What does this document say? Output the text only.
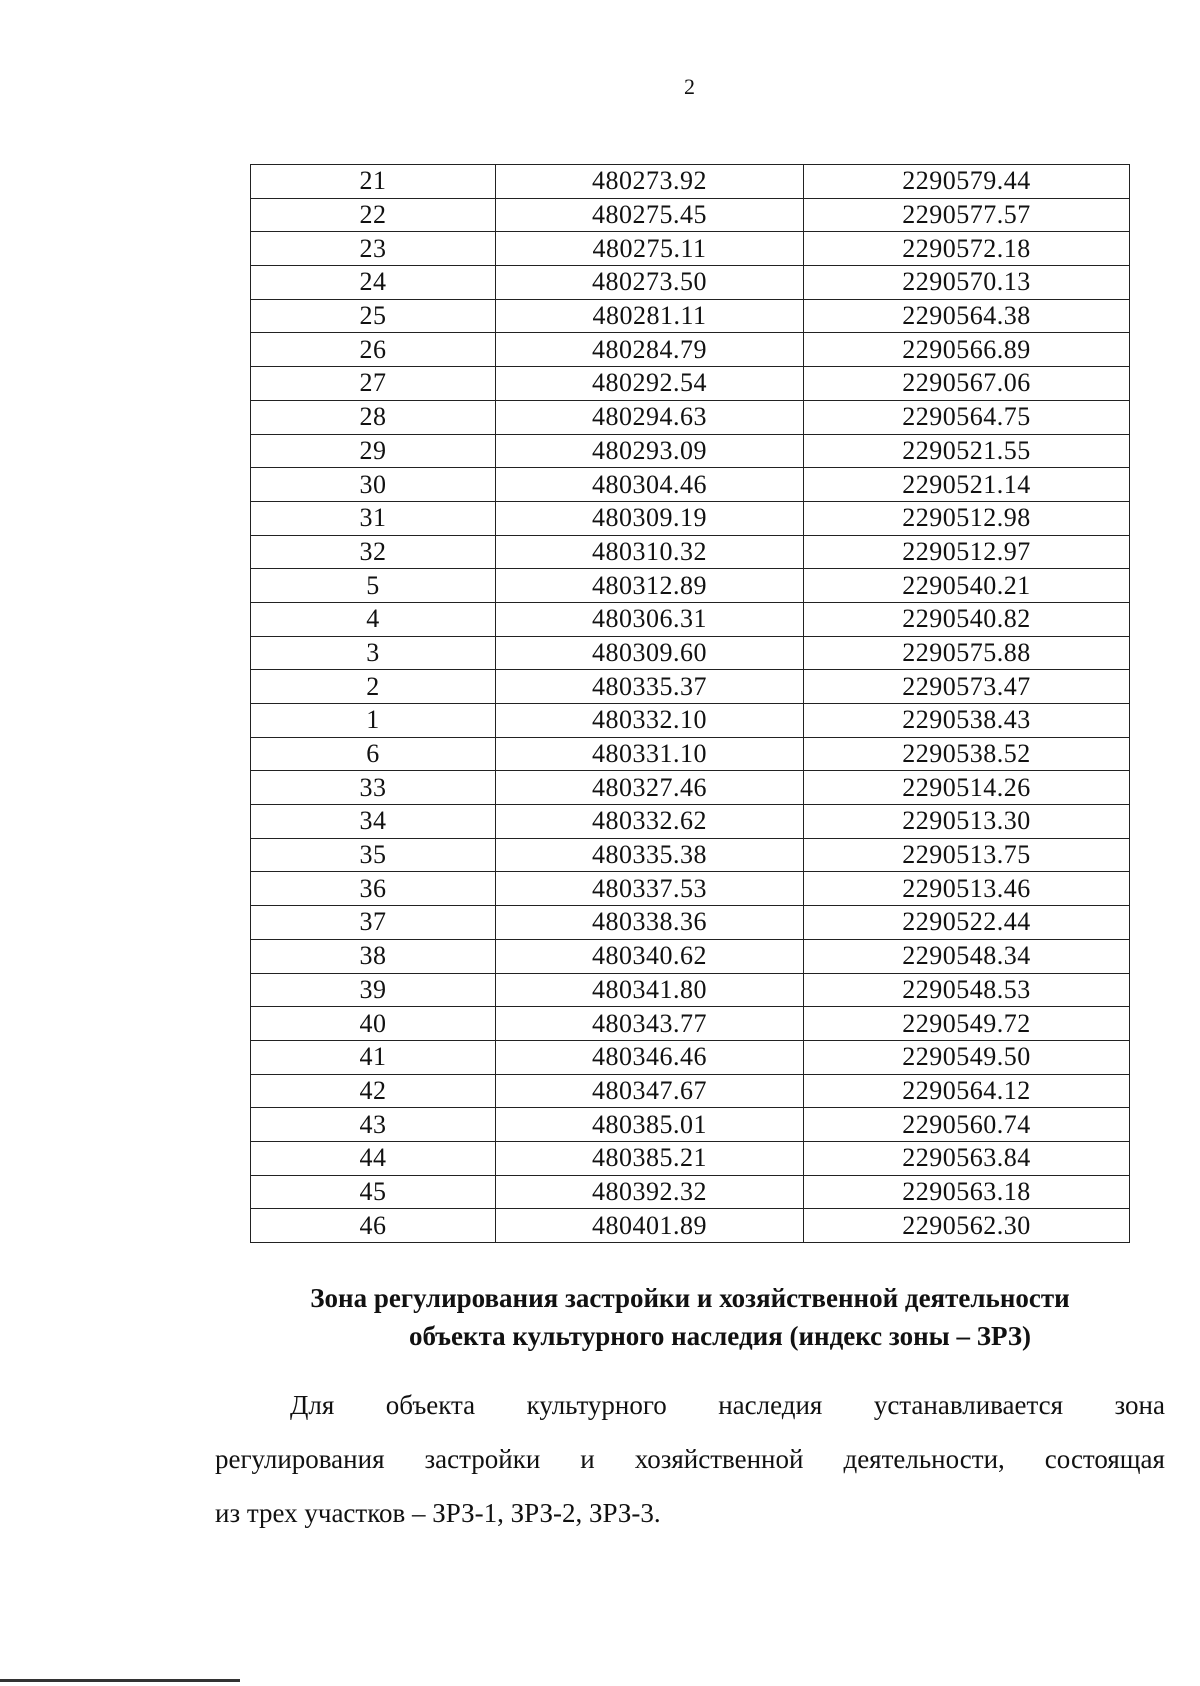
2
21	480273.92	2290579.44
22	480275.45	2290577.57
23	480275.11	2290572.18
24	480273.50	2290570.13
25	480281.11	2290564.38
26	480284.79	2290566.89
27	480292.54	2290567.06
28	480294.63	2290564.75
29	480293.09	2290521.55
30	480304.46	2290521.14
31	480309.19	2290512.98
32	480310.32	2290512.97
5	480312.89	2290540.21
4	480306.31	2290540.82
3	480309.60	2290575.88
2	480335.37	2290573.47
1	480332.10	2290538.43
6	480331.10	2290538.52
33	480327.46	2290514.26
34	480332.62	2290513.30
35	480335.38	2290513.75
36	480337.53	2290513.46
37	480338.36	2290522.44
38	480340.62	2290548.34
39	480341.80	2290548.53
40	480343.77	2290549.72
41	480346.46	2290549.50
42	480347.67	2290564.12
43	480385.01	2290560.74
44	480385.21	2290563.84
45	480392.32	2290563.18
46	480401.89	2290562.30
Зона регулирования застройки и хозяйственной деятельности
объекта культурного наследия (индекс зоны – ЗРЗ)
Для объекта культурного наследия устанавливается зона
регулирования застройки и хозяйственной деятельности, состоящая
из трех участков – ЗРЗ-1, ЗРЗ-2, ЗРЗ-3.
